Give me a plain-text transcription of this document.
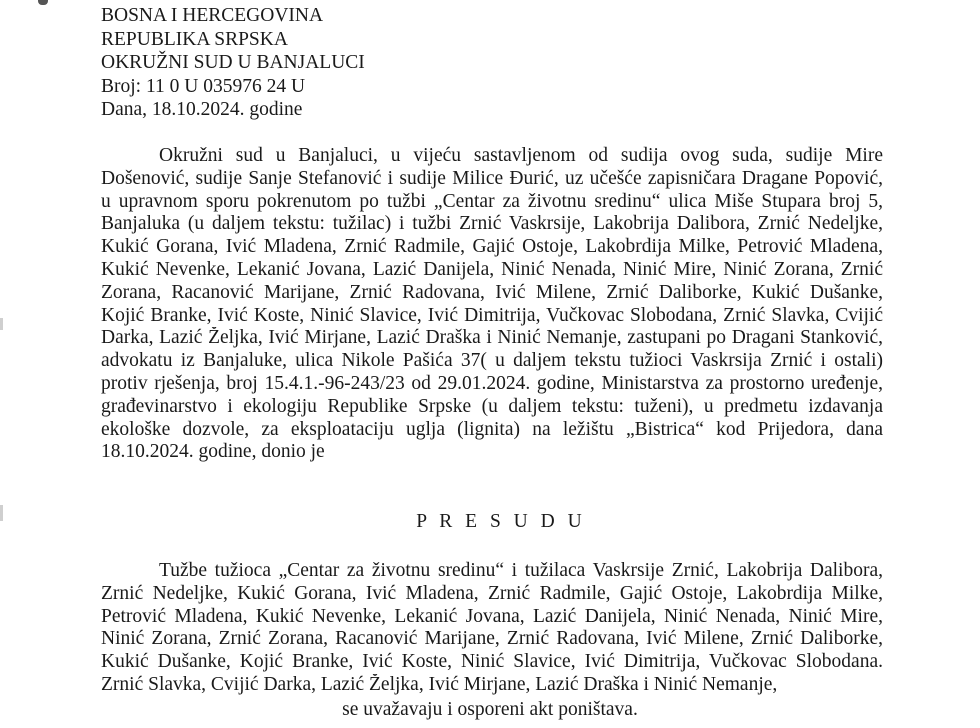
BOSNA I HERCEGOVINA
REPUBLIKA SRPSKA
OKRUŽNI SUD U BANJALUCI
Broj: 11 0 U 035976 24 U
Dana, 18.10.2024. godine
Okružni sud u Banjaluci, u vijeću sastavljenom od sudija ovog suda, sudije Mire
Došenović, sudije Sanje Stefanović i sudije Milice Đurić, uz učešće zapisničara Dragane Popović,
u upravnom sporu pokrenutom po tužbi „Centar za životnu sredinu“ ulica Miše Stupara broj 5,
Banjaluka (u daljem tekstu: tužilac) i tužbi Zrnić Vaskrsije, Lakobrija Dalibora, Zrnić Nedeljke,
Kukić Gorana, Ivić Mladena, Zrnić Radmile, Gajić Ostoje, Lakobrdija Milke, Petrović Mladena,
Kukić Nevenke, Lekanić Jovana, Lazić Danijela, Ninić Nenada, Ninić Mire, Ninić Zorana, Zrnić
Zorana, Racanović Marijane, Zrnić Radovana, Ivić Milene, Zrnić Daliborke, Kukić Dušanke,
Kojić Branke, Ivić Koste, Ninić Slavice, Ivić Dimitrija, Vučkovac Slobodana, Zrnić Slavka, Cvijić
Darka, Lazić Željka, Ivić Mirjane, Lazić Draška i Ninić Nemanje, zastupani po Dragani Stanković,
advokatu iz Banjaluke, ulica Nikole Pašića 37( u daljem tekstu tužioci Vaskrsija Zrnić i ostali)
protiv rješenja, broj 15.4.1.-96-243/23 od 29.01.2024. godine, Ministarstva za prostorno uređenje,
građevinarstvo i ekologiju Republike Srpske (u daljem tekstu: tuženi), u predmetu izdavanja
ekološke dozvole, za eksploataciju uglja (lignita) na ležištu „Bistrica“ kod Prijedora, dana
18.10.2024. godine, donio je
P R E S U D U
Tužbe tužioca „Centar za životnu sredinu“ i tužilaca Vaskrsije Zrnić, Lakobrija Dalibora,
Zrnić Nedeljke, Kukić Gorana, Ivić Mladena, Zrnić Radmile, Gajić Ostoje, Lakobrdija Milke,
Petrović Mladena, Kukić Nevenke, Lekanić Jovana, Lazić Danijela, Ninić Nenada, Ninić Mire,
Ninić Zorana, Zrnić Zorana, Racanović Marijane, Zrnić Radovana, Ivić Milene, Zrnić Daliborke,
Kukić Dušanke, Kojić Branke, Ivić Koste, Ninić Slavice, Ivić Dimitrija, Vučkovac Slobodana.
Zrnić Slavka, Cvijić Darka, Lazić Željka, Ivić Mirjane, Lazić Draška i Ninić Nemanje,
se uvažavaju i osporeni akt poništava.
